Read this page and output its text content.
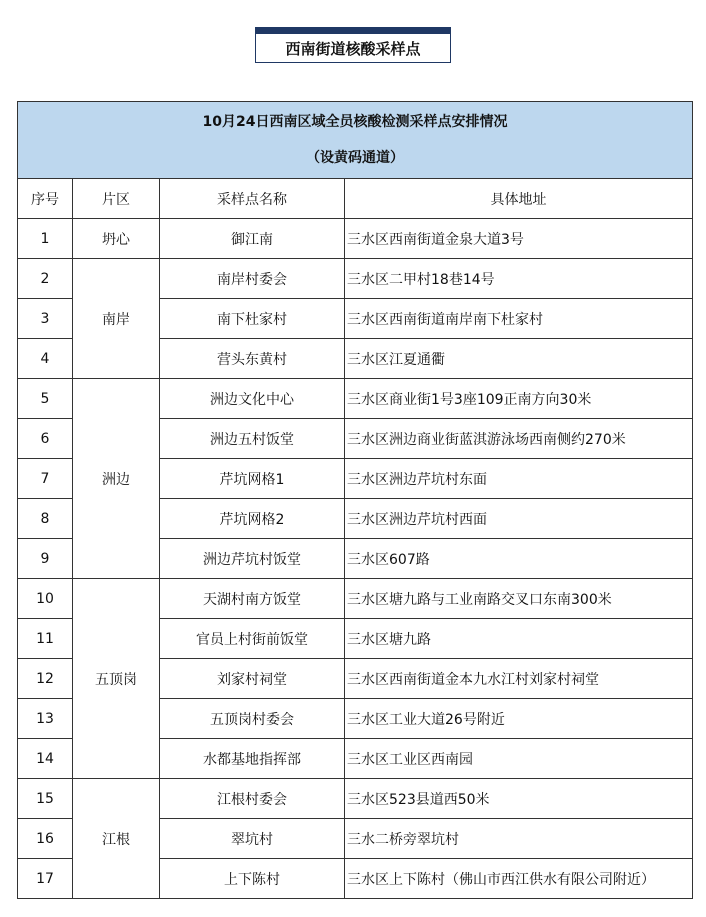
西南街道核酸采样点
10月24日西南区域全员核酸检测采样点安排情况
（设黄码通道）			

序号	片区	采样点名称	具体地址
1	坍心	御江南	三水区西南街道金泉大道3号
2	南岸	南岸村委会	三水区二甲村18巷14号
3		南下杜家村	三水区西南街道南岸南下杜家村
4		营头东黄村	三水区江夏通衢
5	洲边	洲边文化中心	三水区商业街1号3座109正南方向30米
6		洲边五村饭堂	三水区洲边商业街蓝淇游泳场西南侧约270米
7		芹坑网格1	三水区洲边芹坑村东面
8		芹坑网格2	三水区洲边芹坑村西面
9		洲边芹坑村饭堂	三水区607路
10	五顶岗	天湖村南方饭堂	三水区塘九路与工业南路交叉口东南300米
11		官员上村街前饭堂	三水区塘九路
12		刘家村祠堂	三水区西南街道金本九水江村刘家村祠堂
13		五顶岗村委会	三水区工业大道26号附近
14		水都基地指挥部	三水区工业区西南园
15	江根	江根村委会	三水区523县道西50米
16		翠坑村	三水二桥旁翠坑村
17		上下陈村	三水区上下陈村（佛山市西江供水有限公司附近）
